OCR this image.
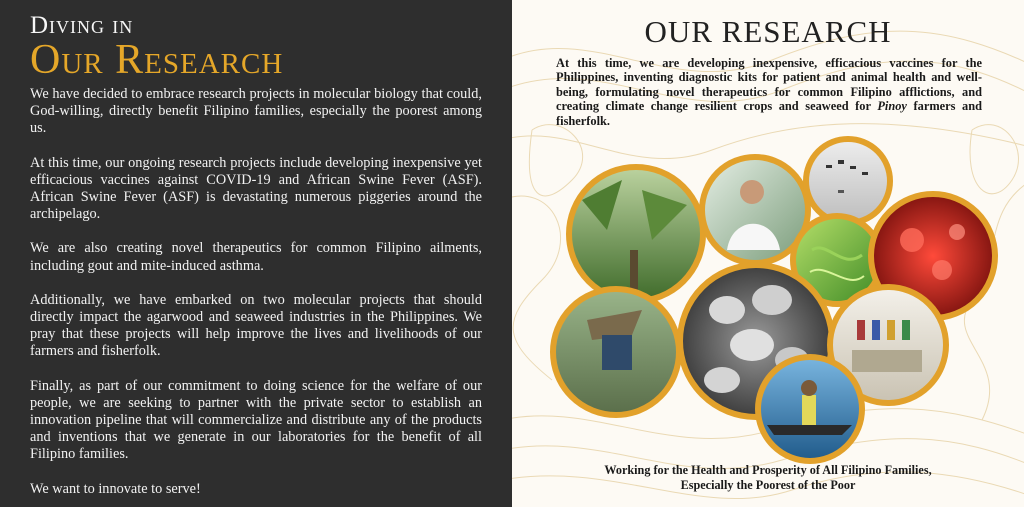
Diving in

Our Research

We have decided to embrace research projects in molecular biology that could, God-willing, directly benefit Filipino families, especially the poorest among us.

At this time, our ongoing research projects include developing inexpensive yet efficacious vaccines against COVID-19 and African Swine Fever (ASF). African Swine Fever (ASF) is devastating numerous piggeries around the archipelago.

We are also creating novel therapeutics for common Filipino ailments, including gout and mite-induced asthma.

Additionally, we have embarked on two molecular projects that should directly impact the agarwood and seaweed industries in the Philippines. We pray that these projects will help improve the lives and livelihoods of our farmers and fisherfolk.

Finally, as part of our commitment to doing science for the welfare of our people, we are seeking to partner with the private sector to establish an innovation pipeline that will commercialize and distribute any of the products and inventions that we generate in our laboratories for the benefit of all Filipino families.

We want to innovate to serve!

OUR RESEARCH

At this time, we are developing inexpensive, efficacious vaccines for the Philippines, inventing diagnostic kits for patient and animal health and well-being, formulating novel therapeutics for common Filipino afflictions, and creating climate change resilient crops and seaweed for Pinoy farmers and fisherfolk.

Working for the Health and Prosperity of All Filipino Families,
Especially the Poorest of the Poor
